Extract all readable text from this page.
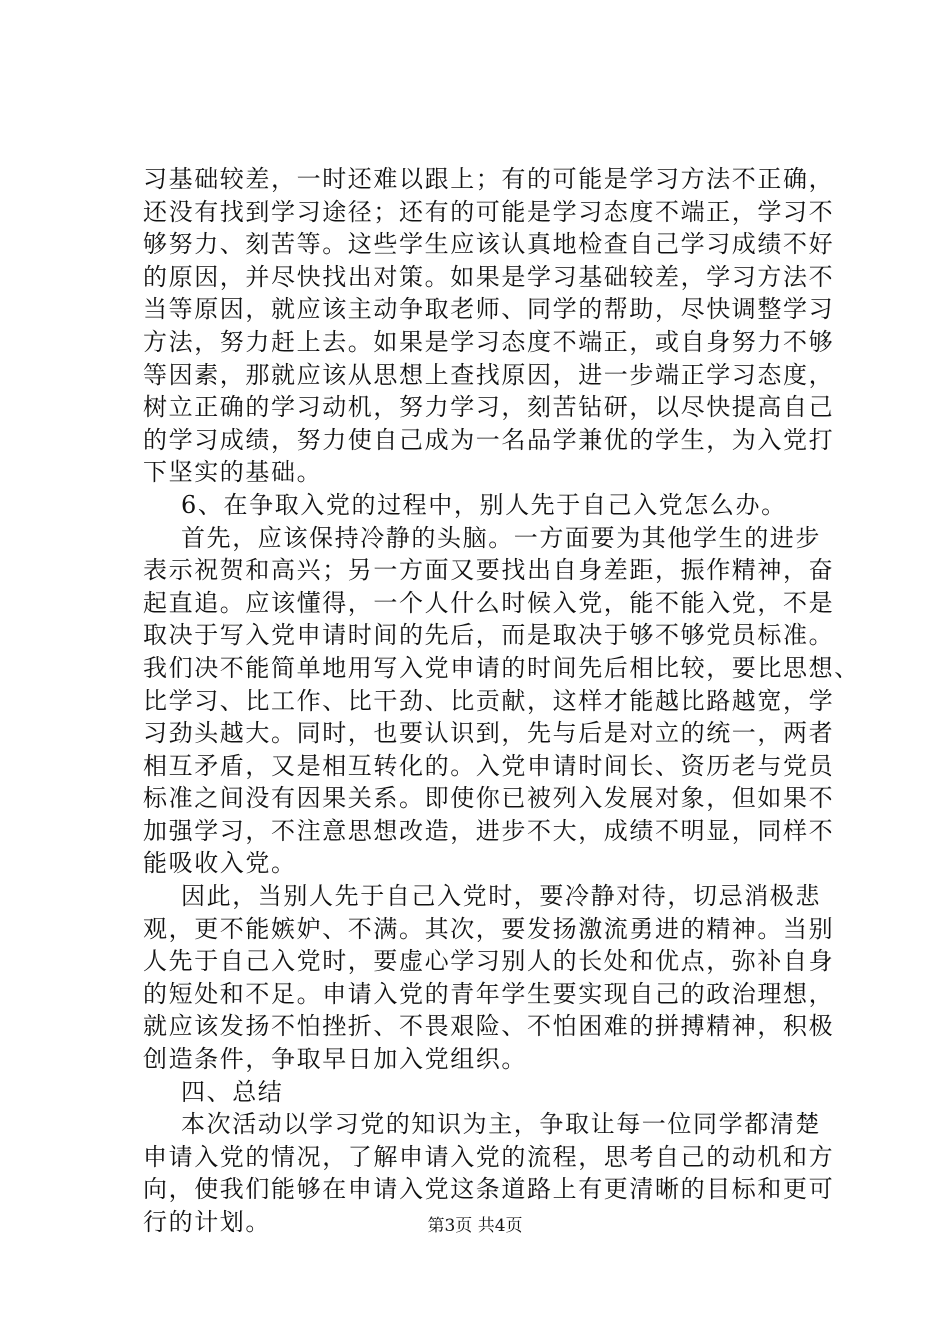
习基础较差，一时还难以跟上；有的可能是学习方法不正确，
还没有找到学习途径；还有的可能是学习态度不端正，学习不
够努力、刻苦等。这些学生应该认真地检查自己学习成绩不好
的原因，并尽快找出对策。如果是学习基础较差，学习方法不
当等原因，就应该主动争取老师、同学的帮助，尽快调整学习
方法，努力赶上去。如果是学习态度不端正，或自身努力不够
等因素，那就应该从思想上查找原因，进一步端正学习态度，
树立正确的学习动机，努力学习，刻苦钻研，以尽快提高自己
的学习成绩，努力使自己成为一名品学兼优的学生，为入党打
下坚实的基础。
6、在争取入党的过程中，别人先于自己入党怎么办。
首先，应该保持冷静的头脑。一方面要为其他学生的进步
表示祝贺和高兴；另一方面又要找出自身差距，振作精神，奋
起直追。应该懂得，一个人什么时候入党，能不能入党，不是
取决于写入党申请时间的先后，而是取决于够不够党员标准。
我们决不能简单地用写入党申请的时间先后相比较，要比思想、
比学习、比工作、比干劲、比贡献，这样才能越比路越宽，学
习劲头越大。同时，也要认识到，先与后是对立的统一，两者
相互矛盾，又是相互转化的。入党申请时间长、资历老与党员
标准之间没有因果关系。即使你已被列入发展对象，但如果不
加强学习，不注意思想改造，进步不大，成绩不明显，同样不
能吸收入党。
因此，当别人先于自己入党时，要冷静对待，切忌消极悲
观，更不能嫉妒、不满。其次，要发扬激流勇进的精神。当别
人先于自己入党时，要虚心学习别人的长处和优点，弥补自身
的短处和不足。申请入党的青年学生要实现自己的政治理想，
就应该发扬不怕挫折、不畏艰险、不怕困难的拼搏精神，积极
创造条件，争取早日加入党组织。
四、总结
本次活动以学习党的知识为主，争取让每一位同学都清楚
申请入党的情况，了解申请入党的流程，思考自己的动机和方
向，使我们能够在申请入党这条道路上有更清晰的目标和更可
行的计划。	第3页 共4页
